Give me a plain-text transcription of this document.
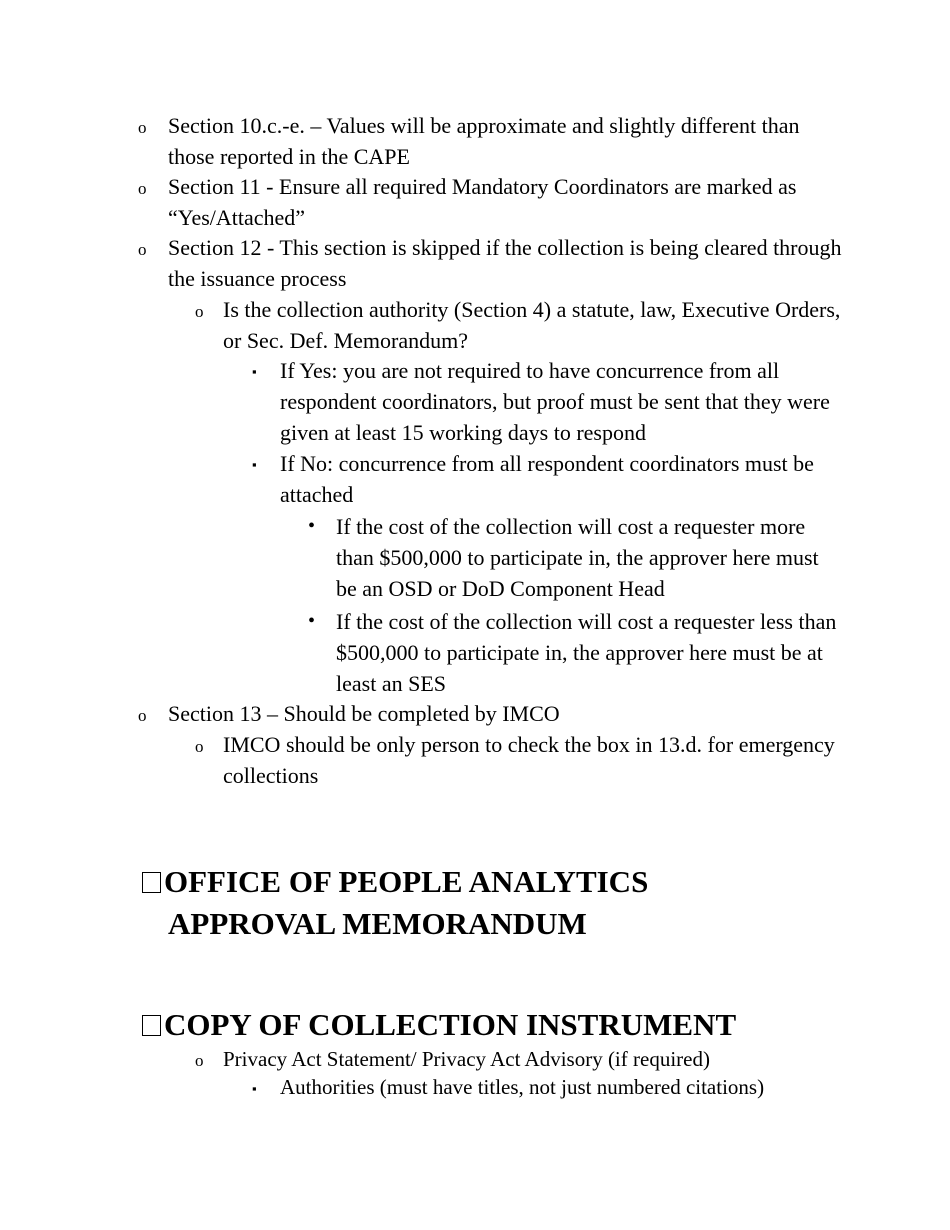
o Section 10.c.-e. – Values will be approximate and slightly different than those reported in the CAPE
o Section 11 - Ensure all required Mandatory Coordinators are marked as “Yes/Attached”
o Section 12 - This section is skipped if the collection is being cleared through the issuance process
o Is the collection authority (Section 4) a statute, law, Executive Orders, or Sec. Def. Memorandum?
▪ If Yes: you are not required to have concurrence from all respondent coordinators, but proof must be sent that they were given at least 15 working days to respond
▪ If No: concurrence from all respondent coordinators must be attached
• If the cost of the collection will cost a requester more than $500,000 to participate in, the approver here must be an OSD or DoD Component Head
• If the cost of the collection will cost a requester less than $500,000 to participate in, the approver here must be at least an SES
o Section 13 – Should be completed by IMCO
o IMCO should be only person to check the box in 13.d. for emergency collections
OFFICE OF PEOPLE ANALYTICS
APPROVAL MEMORANDUM
COPY OF COLLECTION INSTRUMENT
o Privacy Act Statement/ Privacy Act Advisory (if required)
▪ Authorities (must have titles, not just numbered citations)
